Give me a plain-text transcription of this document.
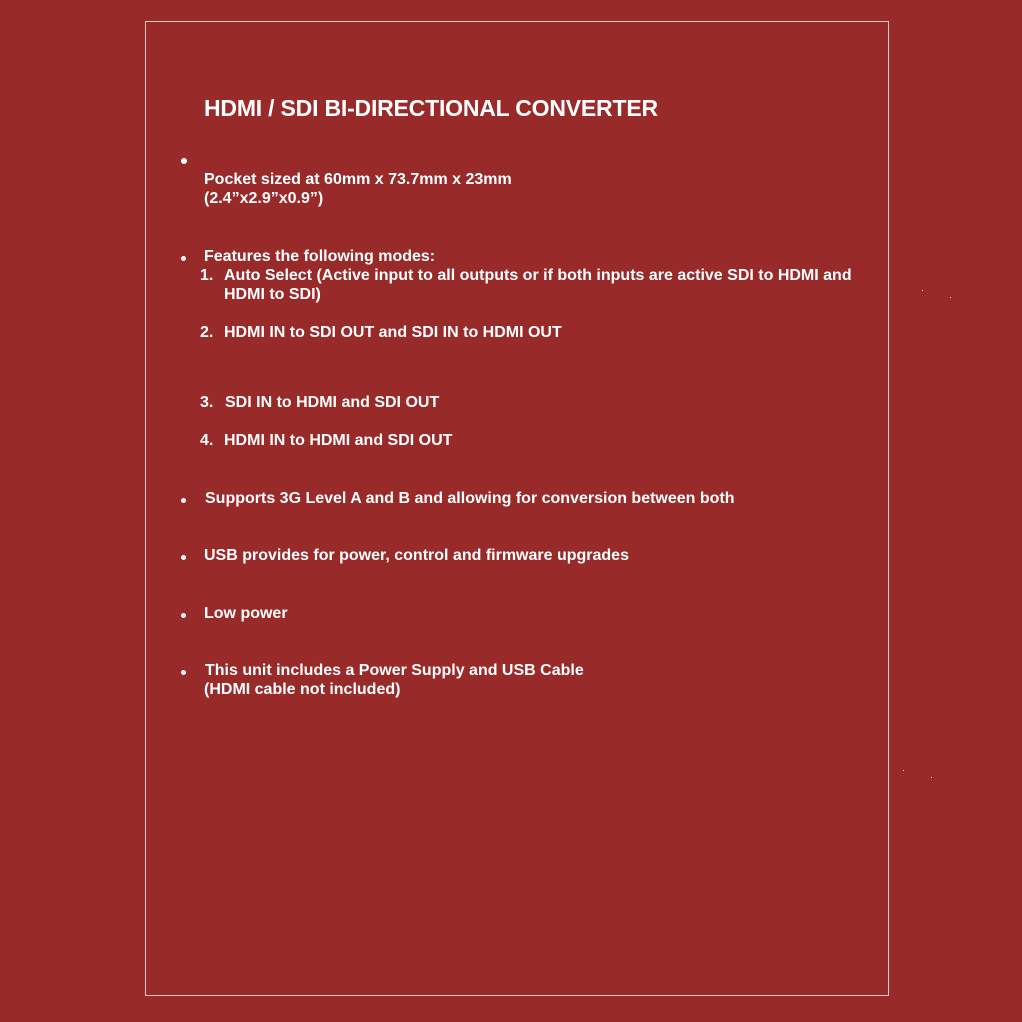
HDMI / SDI BI-DIRECTIONAL CONVERTER
Pocket sized at 60mm x 73.7mm x 23mm
(2.4”x2.9”x0.9”)
Features the following modes:
1. Auto Select (Active input to all outputs or if both inputs are active SDI to HDMI and
HDMI to SDI)
2. HDMI IN to SDI OUT and SDI IN to HDMI OUT
3. SDI IN to HDMI and SDI OUT
4. HDMI IN to HDMI and SDI OUT
Supports 3G Level A and B and allowing for conversion between both
USB provides for power, control and firmware upgrades
Low power
This unit includes a Power Supply and USB Cable
(HDMI cable not included)
